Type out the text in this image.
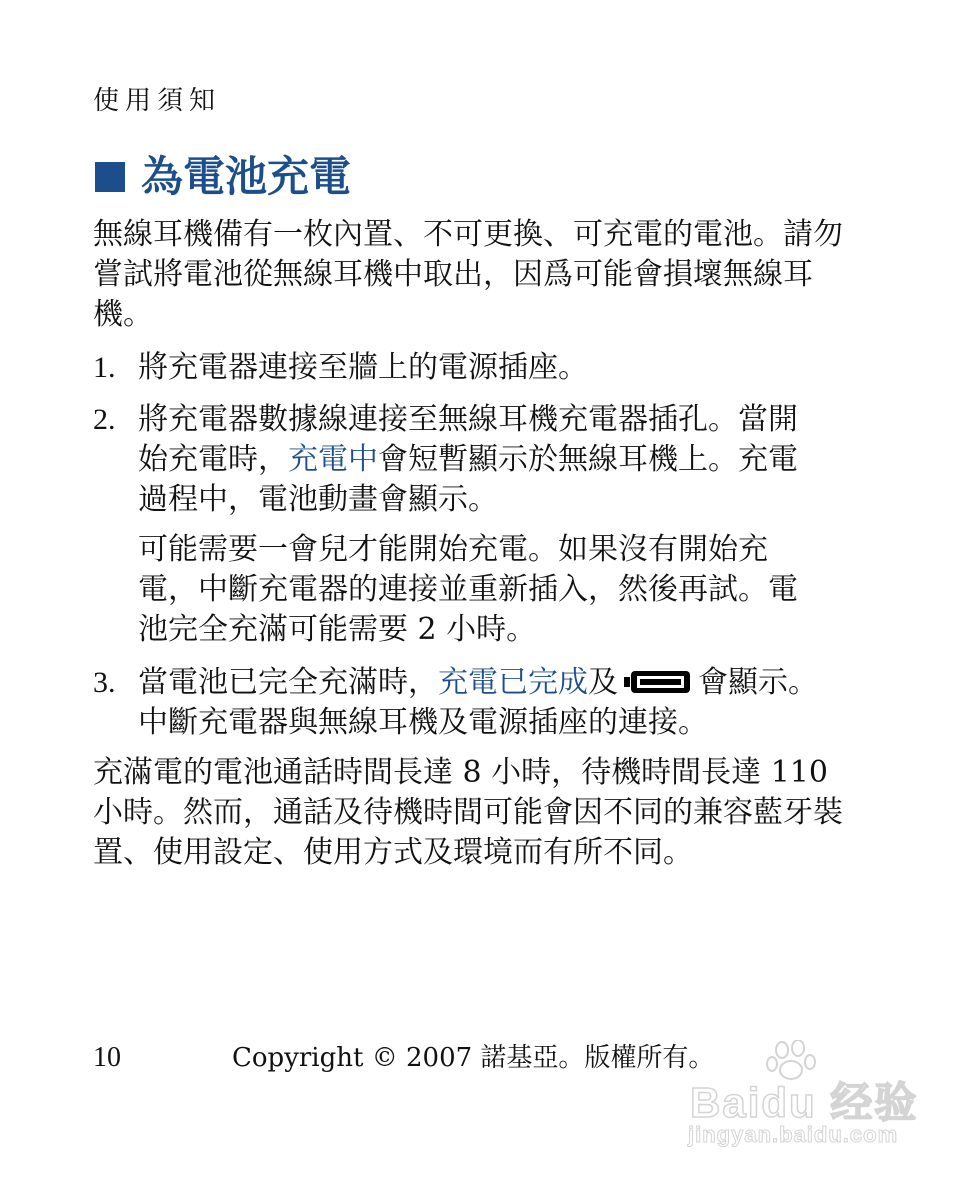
使用須知
為電池充電
無線耳機備有一枚內置、不可更換、可充電的電池。請勿嘗試將電池從無線耳機中取出，因爲可能會損壞無線耳機。
1. 將充電器連接至牆上的電源插座。
2. 將充電器數據線連接至無線耳機充電器插孔。當開始充電時，充電中會短暫顯示於無線耳機上。充電過程中，電池動畫會顯示。
可能需要一會兒才能開始充電。如果沒有開始充電，中斷充電器的連接並重新插入，然後再試。電池完全充滿可能需要 2 小時。
3. 當電池已完全充滿時，充電已完成及	會顯示。中斷充電器與無線耳機及電源插座的連接。
充滿電的電池通話時間長達 8 小時，待機時間長達 110 小時。然而，通話及待機時間可能會因不同的兼容藍牙裝置、使用設定、使用方式及環境而有所不同。
10	Copyright © 2007 諾基亞。版權所有。
Baidu 经验
jingyan.baidu.com
